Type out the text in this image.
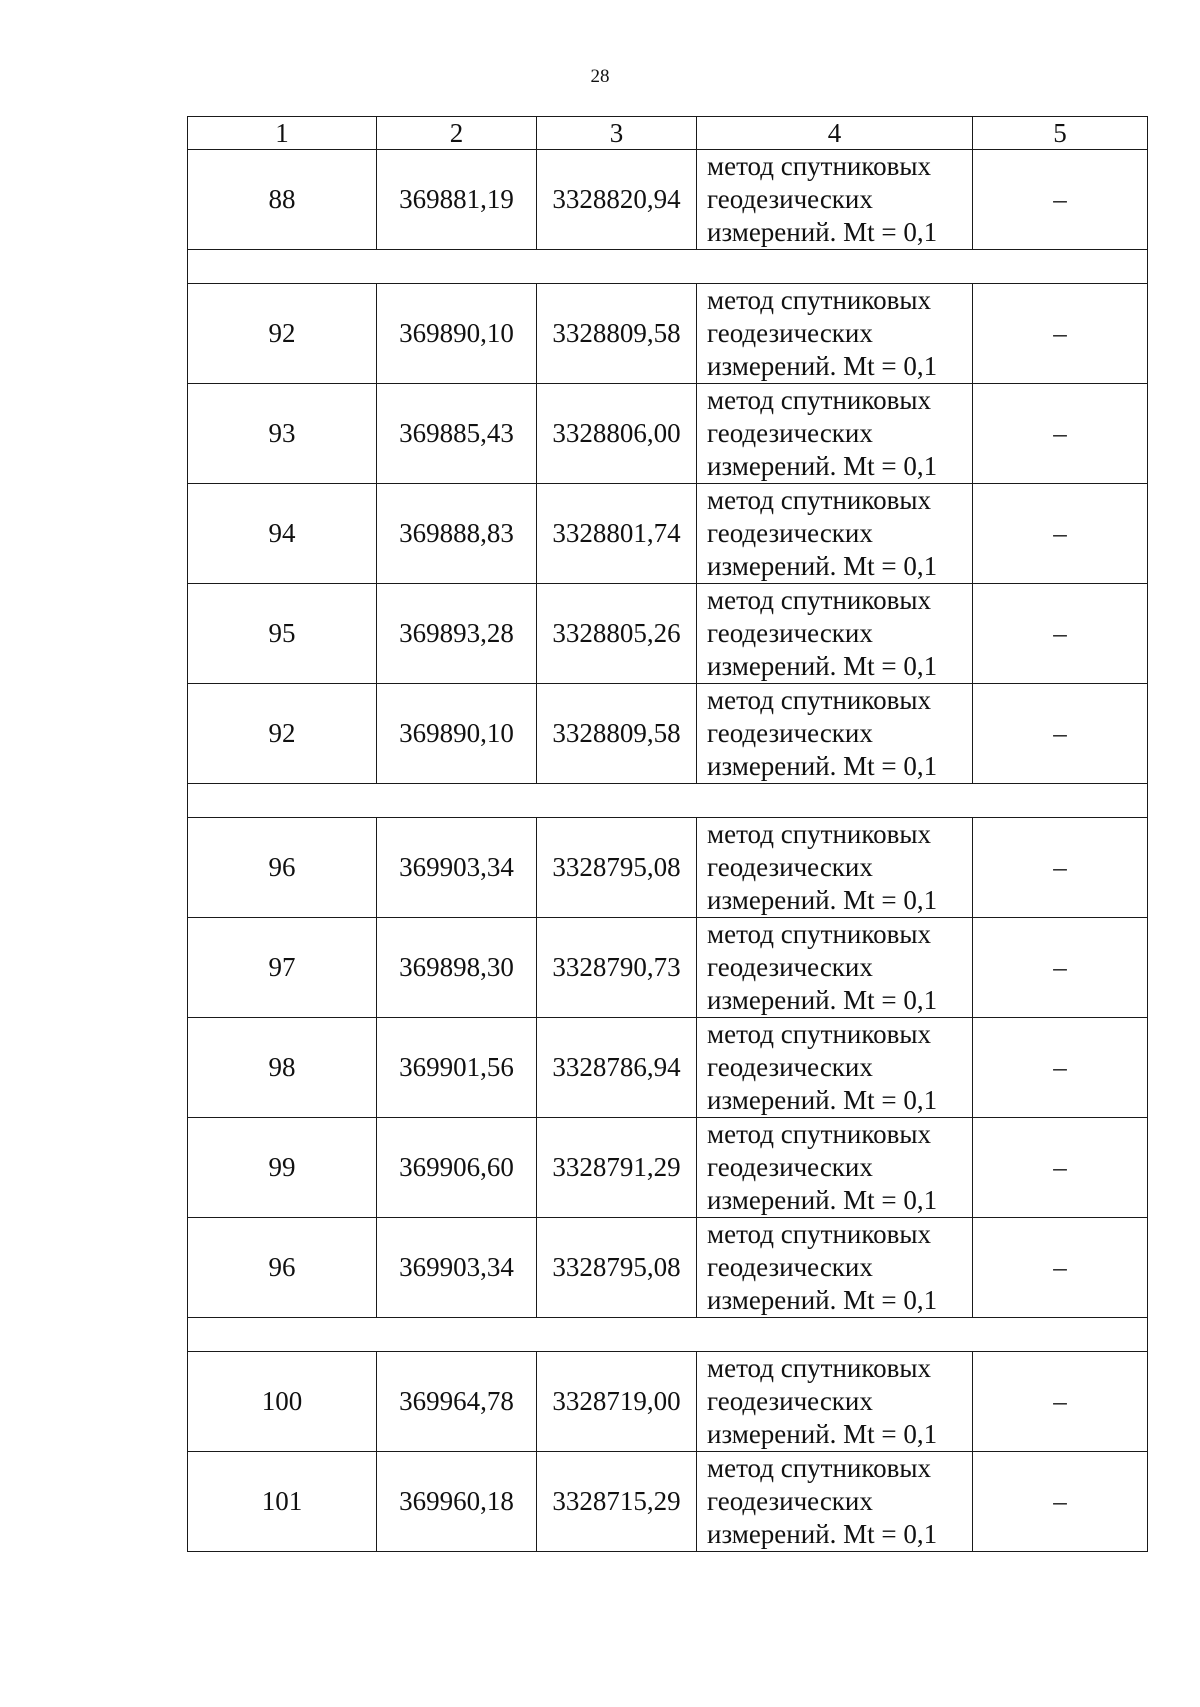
28
1	2	3	4	5
88	369881,19	3328820,94	метод спутниковых
геодезических
измерений. Mt = 0,1	–

92	369890,10	3328809,58	метод спутниковых
геодезических
измерений. Mt = 0,1	–
93	369885,43	3328806,00	метод спутниковых
геодезических
измерений. Mt = 0,1	–
94	369888,83	3328801,74	метод спутниковых
геодезических
измерений. Mt = 0,1	–
95	369893,28	3328805,26	метод спутниковых
геодезических
измерений. Mt = 0,1	–
92	369890,10	3328809,58	метод спутниковых
геодезических
измерений. Mt = 0,1	–

96	369903,34	3328795,08	метод спутниковых
геодезических
измерений. Mt = 0,1	–
97	369898,30	3328790,73	метод спутниковых
геодезических
измерений. Mt = 0,1	–
98	369901,56	3328786,94	метод спутниковых
геодезических
измерений. Mt = 0,1	–
99	369906,60	3328791,29	метод спутниковых
геодезических
измерений. Mt = 0,1	–
96	369903,34	3328795,08	метод спутниковых
геодезических
измерений. Mt = 0,1	–

100	369964,78	3328719,00	метод спутниковых
геодезических
измерений. Mt = 0,1	–
101	369960,18	3328715,29	метод спутниковых
геодезических
измерений. Mt = 0,1	–
